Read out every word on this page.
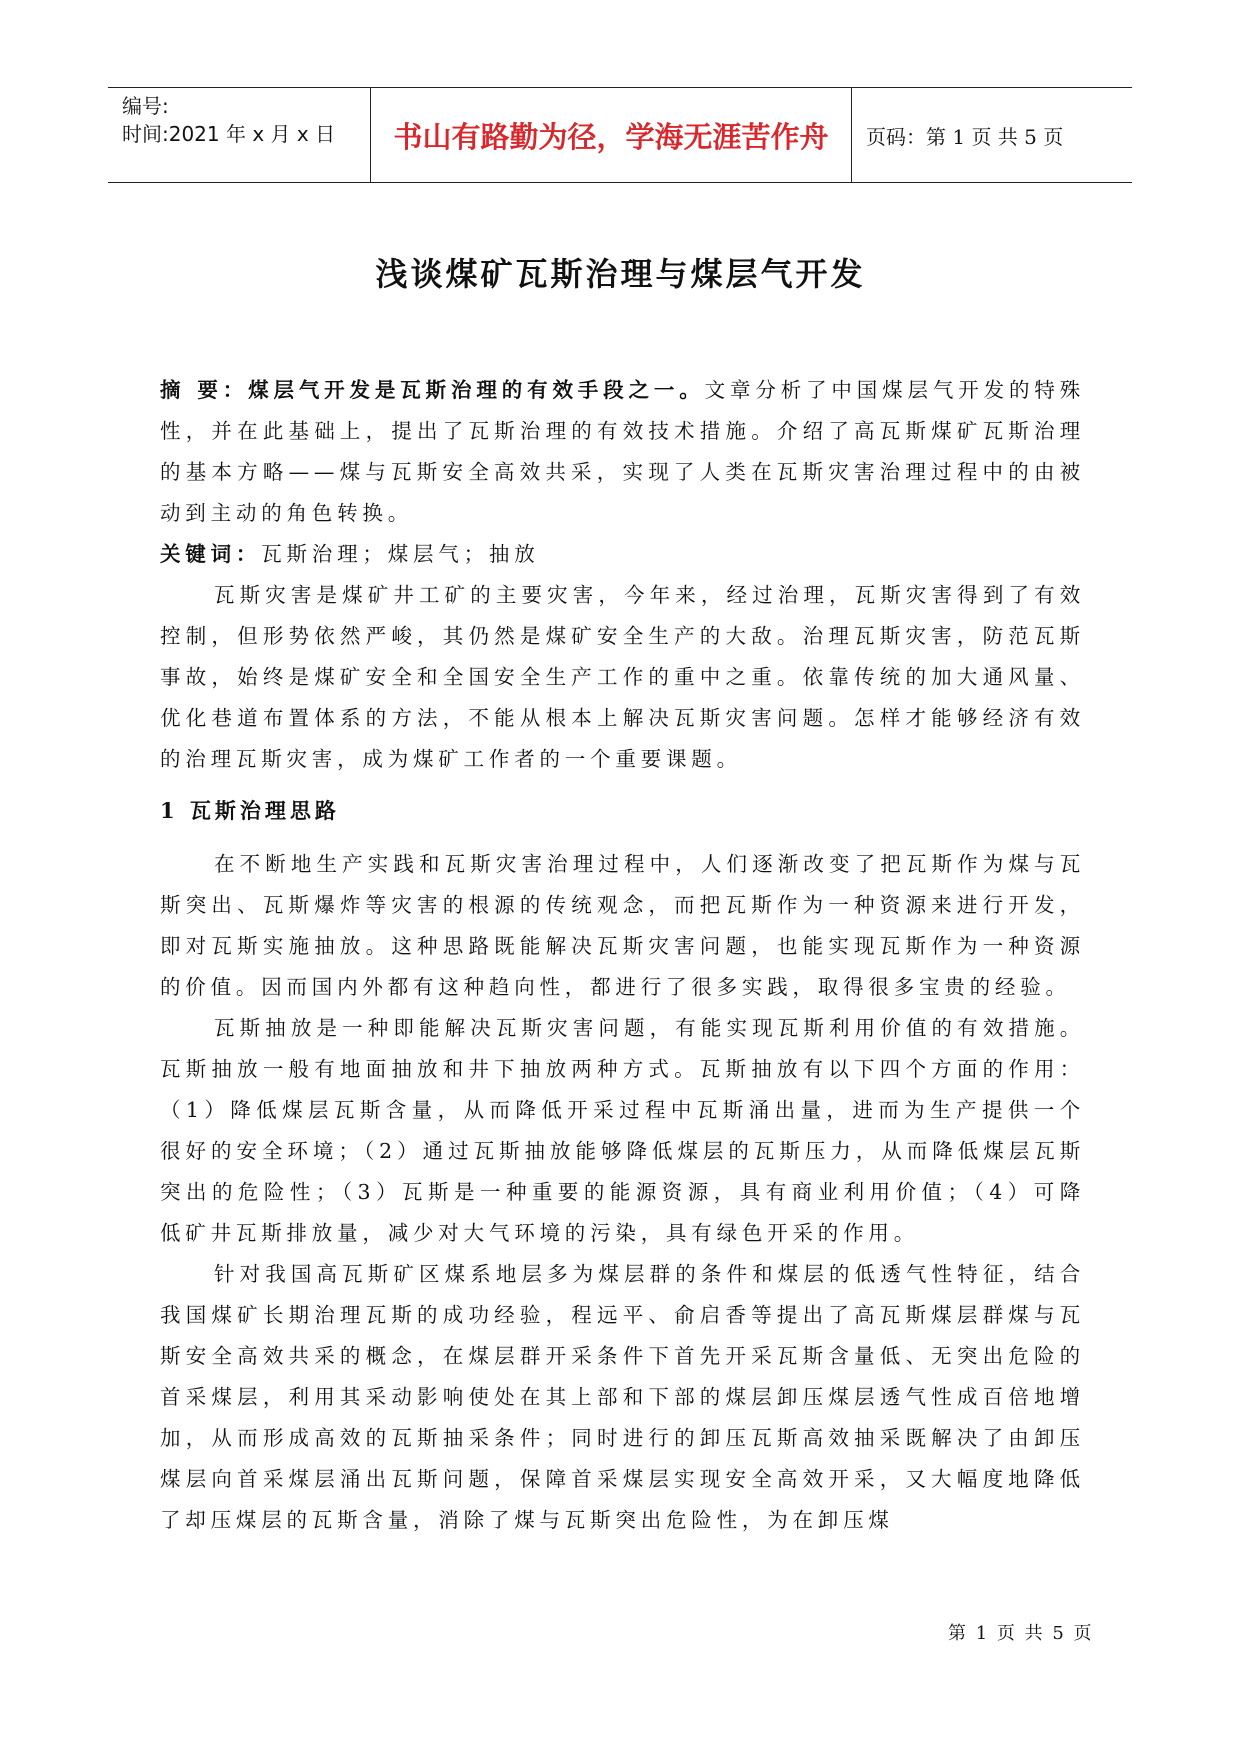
编号:
时间:2021 年 x 月 x 日 书山有路勤为径，学海无涯苦作舟 页码：第 1 页 共 5 页
浅谈煤矿瓦斯治理与煤层气开发

摘 要：煤层气开发是瓦斯治理的有效手段之一。文章分析了中国煤层气开发的特殊性，并在此基础上，提出了瓦斯治理的有效技术措施。介绍了高瓦斯煤矿瓦斯治理的基本方略——煤与瓦斯安全高效共采，实现了人类在瓦斯灾害治理过程中的由被动到主动的角色转换。

关键词：瓦斯治理；煤层气；抽放

瓦斯灾害是煤矿井工矿的主要灾害，今年来，经过治理，瓦斯灾害得到了有效控制，但形势依然严峻，其仍然是煤矿安全生产的大敌。治理瓦斯灾害，防范瓦斯事故，始终是煤矿安全和全国安全生产工作的重中之重。依靠传统的加大通风量、优化巷道布置体系的方法，不能从根本上解决瓦斯灾害问题。怎样才能够经济有效的治理瓦斯灾害，成为煤矿工作者的一个重要课题。

1 瓦斯治理思路

在不断地生产实践和瓦斯灾害治理过程中，人们逐渐改变了把瓦斯作为煤与瓦斯突出、瓦斯爆炸等灾害的根源的传统观念，而把瓦斯作为一种资源来进行开发，即对瓦斯实施抽放。这种思路既能解决瓦斯灾害问题，也能实现瓦斯作为一种资源的价值。因而国内外都有这种趋向性，都进行了很多实践，取得很多宝贵的经验。

瓦斯抽放是一种即能解决瓦斯灾害问题，有能实现瓦斯利用价值的有效措施。瓦斯抽放一般有地面抽放和井下抽放两种方式。瓦斯抽放有以下四个方面的作用：（1）降低煤层瓦斯含量，从而降低开采过程中瓦斯涌出量，进而为生产提供一个很好的安全环境；（2）通过瓦斯抽放能够降低煤层的瓦斯压力，从而降低煤层瓦斯突出的危险性；（3）瓦斯是一种重要的能源资源，具有商业利用价值；（4）可降低矿井瓦斯排放量，减少对大气环境的污染，具有绿色开采的作用。

针对我国高瓦斯矿区煤系地层多为煤层群的条件和煤层的低透气性特征，结合我国煤矿长期治理瓦斯的成功经验，程远平、俞启香等提出了高瓦斯煤层群煤与瓦斯安全高效共采的概念，在煤层群开采条件下首先开采瓦斯含量低、无突出危险的首采煤层，利用其采动影响使处在其上部和下部的煤层卸压煤层透气性成百倍地增加，从而形成高效的瓦斯抽采条件；同时进行的卸压瓦斯高效抽采既解决了由卸压煤层向首采煤层涌出瓦斯问题，保障首采煤层实现安全高效开采，又大幅度地降低了却压煤层的瓦斯含量，消除了煤与瓦斯突出危险性，为在卸压煤

第 1 页 共 5 页
